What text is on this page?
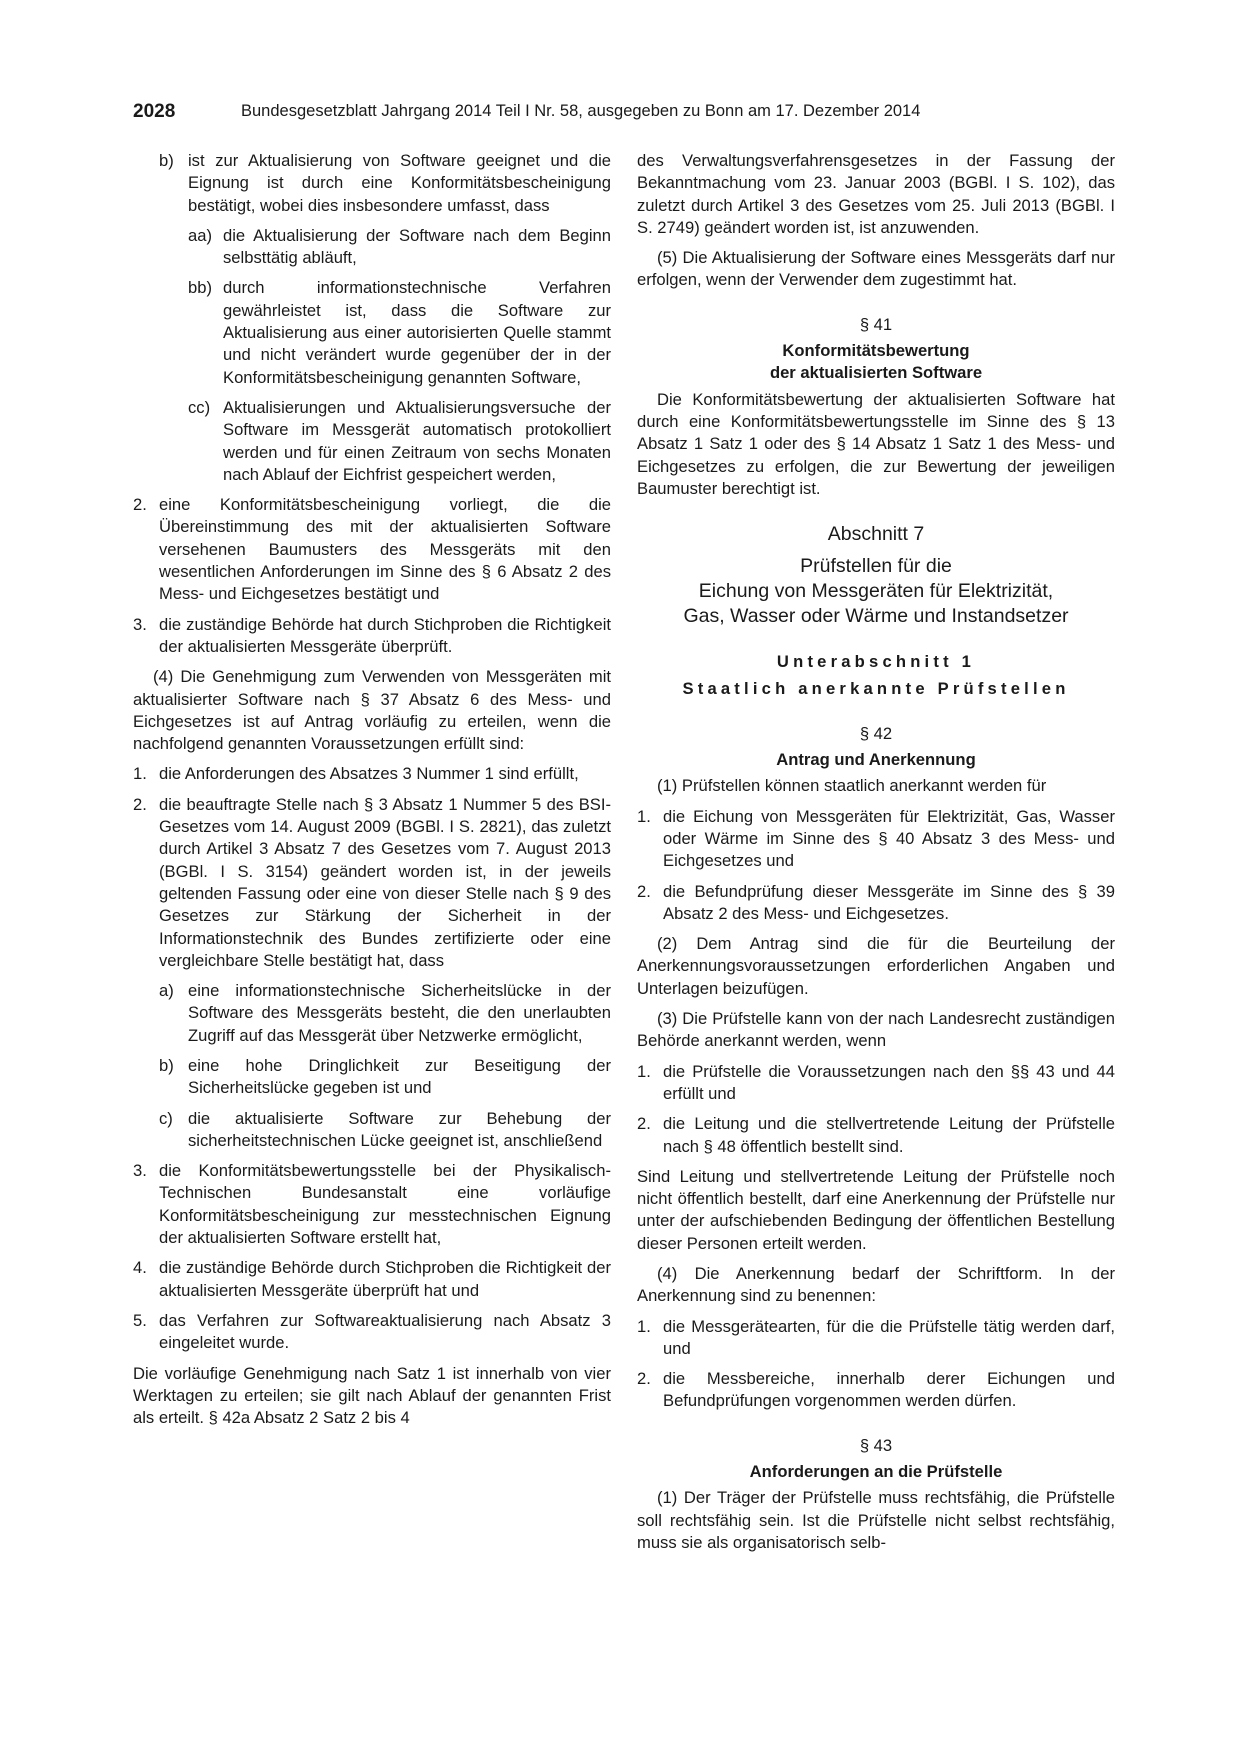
2028	Bundesgesetzblatt Jahrgang 2014 Teil I Nr. 58, ausgegeben zu Bonn am 17. Dezember 2014
b) ist zur Aktualisierung von Software geeignet und die Eignung ist durch eine Konformitätsbescheinigung bestätigt, wobei dies insbesondere umfasst, dass
aa) die Aktualisierung der Software nach dem Beginn selbsttätig abläuft,
bb) durch informationstechnische Verfahren gewährleistet ist, dass die Software zur Aktualisierung aus einer autorisierten Quelle stammt und nicht verändert wurde gegenüber der in der Konformitätsbescheinigung genannten Software,
cc) Aktualisierungen und Aktualisierungsversuche der Software im Messgerät automatisch protokolliert werden und für einen Zeitraum von sechs Monaten nach Ablauf der Eichfrist gespeichert werden,
2. eine Konformitätsbescheinigung vorliegt, die die Übereinstimmung des mit der aktualisierten Software versehenen Baumusters des Messgeräts mit den wesentlichen Anforderungen im Sinne des § 6 Absatz 2 des Mess- und Eichgesetzes bestätigt und
3. die zuständige Behörde hat durch Stichproben die Richtigkeit der aktualisierten Messgeräte überprüft.

(4) Die Genehmigung zum Verwenden von Messgeräten mit aktualisierter Software nach § 37 Absatz 6 des Mess- und Eichgesetzes ist auf Antrag vorläufig zu erteilen, wenn die nachfolgend genannten Voraussetzungen erfüllt sind:

1. die Anforderungen des Absatzes 3 Nummer 1 sind erfüllt,
2. die beauftragte Stelle nach § 3 Absatz 1 Nummer 5 des BSI-Gesetzes vom 14. August 2009 (BGBl. I S. 2821), das zuletzt durch Artikel 3 Absatz 7 des Gesetzes vom 7. August 2013 (BGBl. I S. 3154) geändert worden ist, in der jeweils geltenden Fassung oder eine von dieser Stelle nach § 9 des Gesetzes zur Stärkung der Sicherheit in der Informationstechnik des Bundes zertifizierte oder eine vergleichbare Stelle bestätigt hat, dass
a) eine informationstechnische Sicherheitslücke in der Software des Messgeräts besteht, die den unerlaubten Zugriff auf das Messgerät über Netzwerke ermöglicht,
b) eine hohe Dringlichkeit zur Beseitigung der Sicherheitslücke gegeben ist und
c) die aktualisierte Software zur Behebung der sicherheitstechnischen Lücke geeignet ist, anschließend
3. die Konformitätsbewertungsstelle bei der Physikalisch-Technischen Bundesanstalt eine vorläufige Konformitätsbescheinigung zur messtechnischen Eignung der aktualisierten Software erstellt hat,
4. die zuständige Behörde durch Stichproben die Richtigkeit der aktualisierten Messgeräte überprüft hat und
5. das Verfahren zur Softwareaktualisierung nach Absatz 3 eingeleitet wurde.

Die vorläufige Genehmigung nach Satz 1 ist innerhalb von vier Werktagen zu erteilen; sie gilt nach Ablauf der genannten Frist als erteilt. § 42a Absatz 2 Satz 2 bis 4

des Verwaltungsverfahrensgesetzes in der Fassung der Bekanntmachung vom 23. Januar 2003 (BGBl. I S. 102), das zuletzt durch Artikel 3 des Gesetzes vom 25. Juli 2013 (BGBl. I S. 2749) geändert worden ist, ist anzuwenden.

(5) Die Aktualisierung der Software eines Messgeräts darf nur erfolgen, wenn der Verwender dem zugestimmt hat.

§ 41
Konformitätsbewertung
der aktualisierten Software

Die Konformitätsbewertung der aktualisierten Software hat durch eine Konformitätsbewertungsstelle im Sinne des § 13 Absatz 1 Satz 1 oder des § 14 Absatz 1 Satz 1 des Mess- und Eichgesetzes zu erfolgen, die zur Bewertung der jeweiligen Baumuster berechtigt ist.

Abschnitt 7
Prüfstellen für die
Eichung von Messgeräten für Elektrizität,
Gas, Wasser oder Wärme und Instandsetzer
Unterabschnitt 1
Staatlich anerkannte Prüfstellen
§ 42
Antrag und Anerkennung

(1) Prüfstellen können staatlich anerkannt werden für

1. die Eichung von Messgeräten für Elektrizität, Gas, Wasser oder Wärme im Sinne des § 40 Absatz 3 des Mess- und Eichgesetzes und
2. die Befundprüfung dieser Messgeräte im Sinne des § 39 Absatz 2 des Mess- und Eichgesetzes.

(2) Dem Antrag sind die für die Beurteilung der Anerkennungsvoraussetzungen erforderlichen Angaben und Unterlagen beizufügen.

(3) Die Prüfstelle kann von der nach Landesrecht zuständigen Behörde anerkannt werden, wenn

1. die Prüfstelle die Voraussetzungen nach den §§ 43 und 44 erfüllt und
2. die Leitung und die stellvertretende Leitung der Prüfstelle nach § 48 öffentlich bestellt sind.

Sind Leitung und stellvertretende Leitung der Prüfstelle noch nicht öffentlich bestellt, darf eine Anerkennung der Prüfstelle nur unter der aufschiebenden Bedingung der öffentlichen Bestellung dieser Personen erteilt werden.

(4) Die Anerkennung bedarf der Schriftform. In der Anerkennung sind zu benennen:

1. die Messgerätearten, für die die Prüfstelle tätig werden darf, und
2. die Messbereiche, innerhalb derer Eichungen und Befundprüfungen vorgenommen werden dürfen.
§ 43
Anforderungen an die Prüfstelle

(1) Der Träger der Prüfstelle muss rechtsfähig, die Prüfstelle soll rechtsfähig sein. Ist die Prüfstelle nicht selbst rechtsfähig, muss sie als organisatorisch selb-
